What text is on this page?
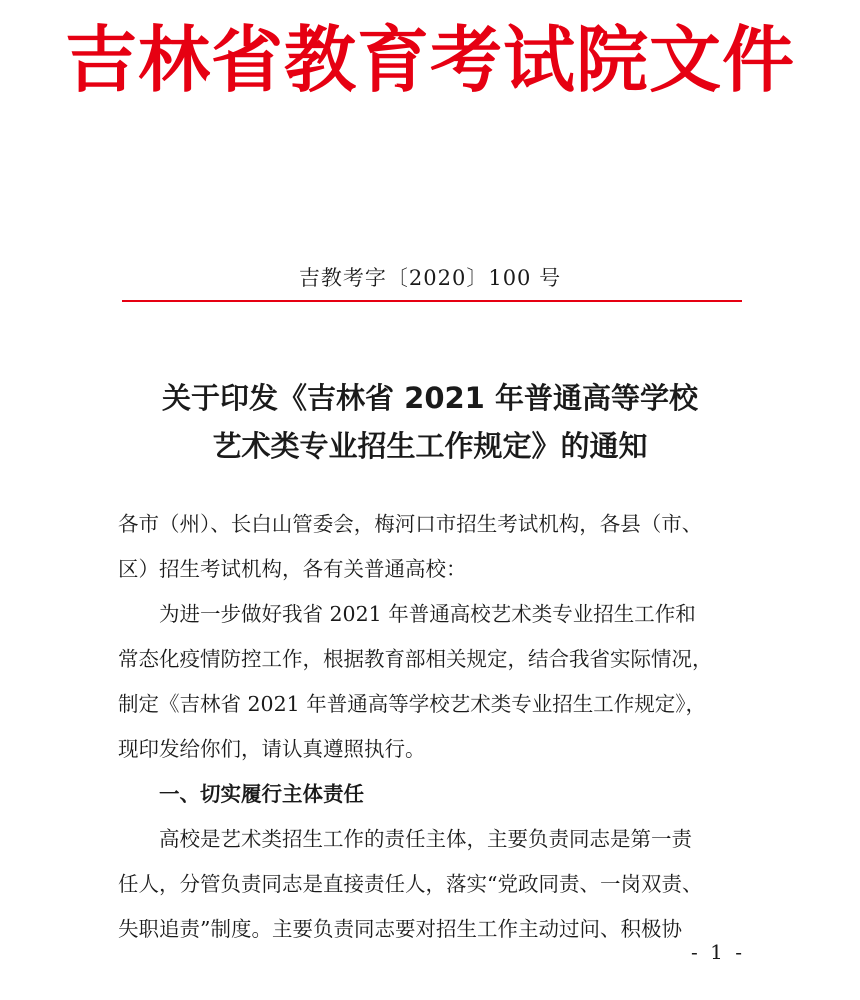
吉林省教育考试院文件
吉教考字〔2020〕100 号
关于印发《吉林省 2021 年普通高等学校
艺术类专业招生工作规定》的通知

各市（州）、长白山管委会，梅河口市招生考试机构，各县（市、

区）招生考试机构，各有关普通高校：

为进一步做好我省 2021 年普通高校艺术类专业招生工作和

常态化疫情防控工作，根据教育部相关规定，结合我省实际情况，

制定《吉林省 2021 年普通高等学校艺术类专业招生工作规定》，

现印发给你们，请认真遵照执行。

一、切实履行主体责任

高校是艺术类招生工作的责任主体，主要负责同志是第一责

任人，分管负责同志是直接责任人，落实“党政同责、一岗双责、

失职追责”制度。主要负责同志要对招生工作主动过问、积极协

- 1 -
